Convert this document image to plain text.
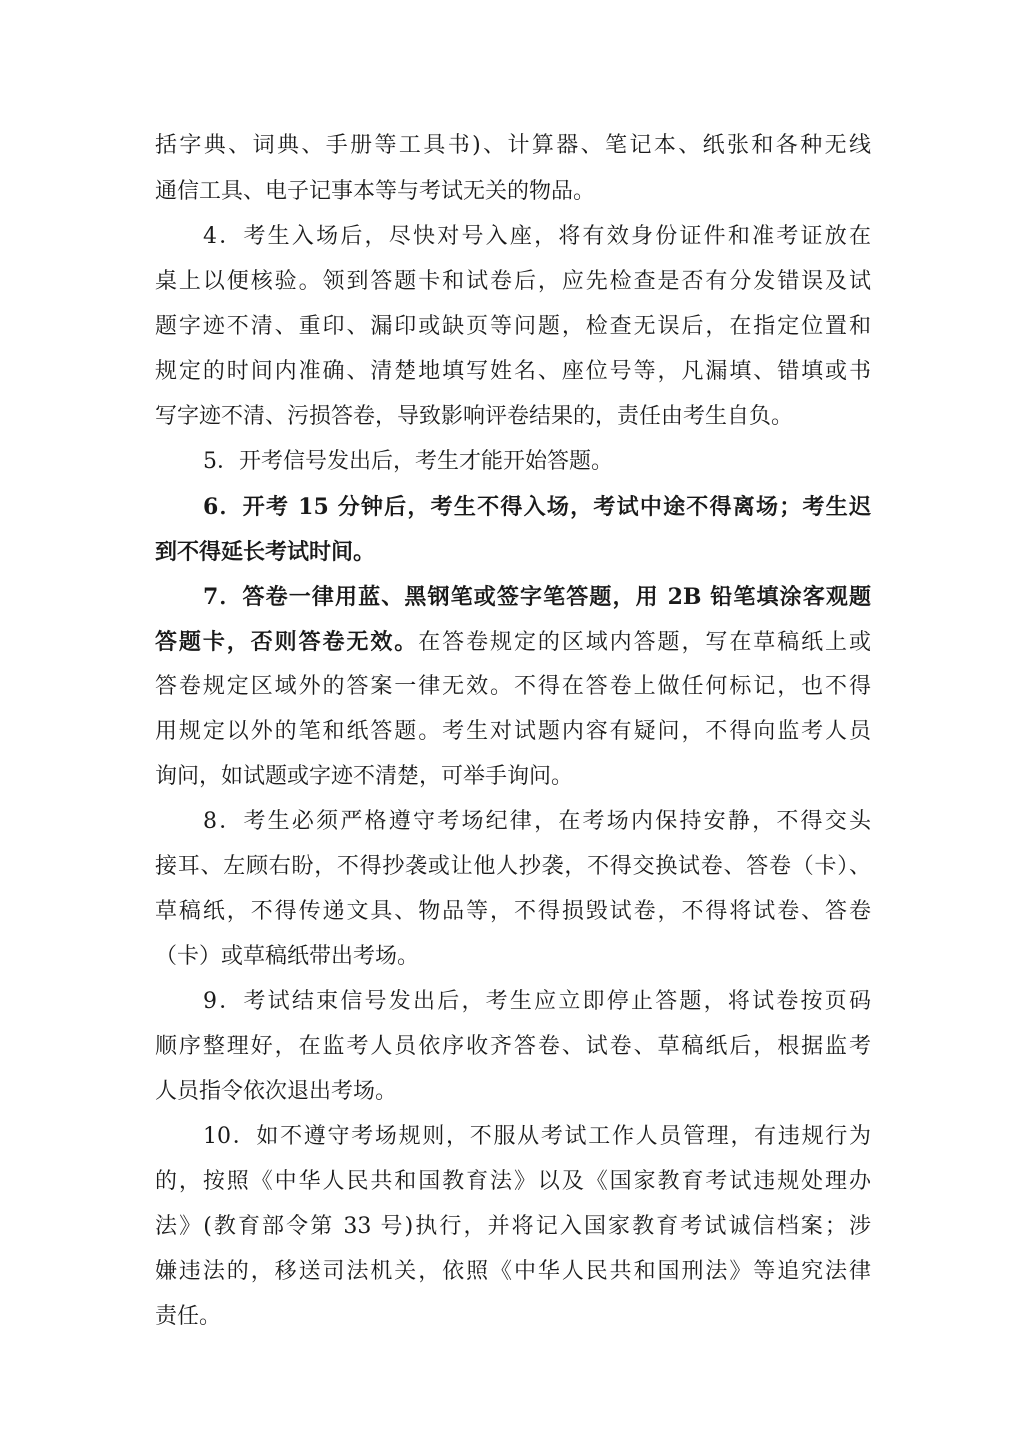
括字典、词典、手册等工具书)、计算器、笔记本、纸张和各种无线
通信工具、电子记事本等与考试无关的物品。
4．考生入场后，尽快对号入座，将有效身份证件和准考证放在
桌上以便核验。领到答题卡和试卷后，应先检查是否有分发错误及试
题字迹不清、重印、漏印或缺页等问题，检查无误后，在指定位置和
规定的时间内准确、清楚地填写姓名、座位号等，凡漏填、错填或书
写字迹不清、污损答卷，导致影响评卷结果的，责任由考生自负。
5．开考信号发出后，考生才能开始答题。
6．开考 15 分钟后，考生不得入场，考试中途不得离场；考生迟
到不得延长考试时间。
7．答卷一律用蓝、黑钢笔或签字笔答题，用 2B 铅笔填涂客观题
答题卡，否则答卷无效。在答卷规定的区域内答题，写在草稿纸上或
答卷规定区域外的答案一律无效。不得在答卷上做任何标记，也不得
用规定以外的笔和纸答题。考生对试题内容有疑问，不得向监考人员
询问，如试题或字迹不清楚，可举手询问。
8．考生必须严格遵守考场纪律，在考场内保持安静，不得交头
接耳、左顾右盼，不得抄袭或让他人抄袭，不得交换试卷、答卷（卡）、
草稿纸，不得传递文具、物品等，不得损毁试卷，不得将试卷、答卷
（卡）或草稿纸带出考场。
9．考试结束信号发出后，考生应立即停止答题，将试卷按页码
顺序整理好，在监考人员依序收齐答卷、试卷、草稿纸后，根据监考
人员指令依次退出考场。
10．如不遵守考场规则，不服从考试工作人员管理，有违规行为
的，按照《中华人民共和国教育法》以及《国家教育考试违规处理办
法》(教育部令第 33 号)执行，并将记入国家教育考试诚信档案；涉
嫌违法的，移送司法机关，依照《中华人民共和国刑法》等追究法律
责任。
